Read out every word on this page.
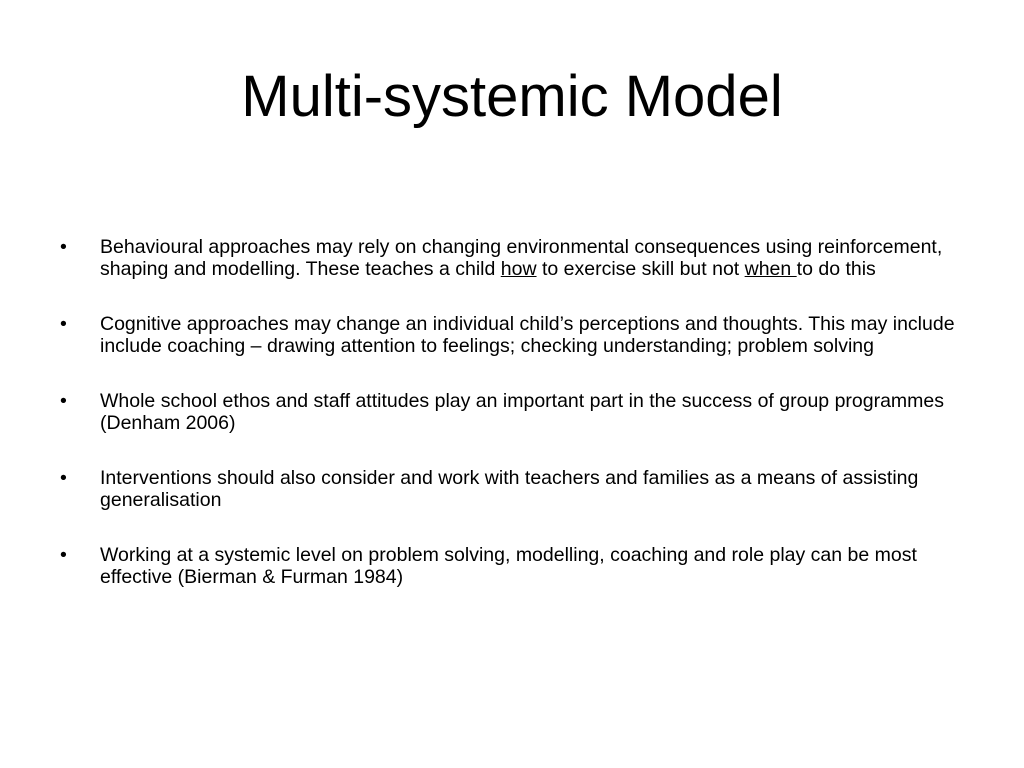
Multi-systemic Model
•	Behavioural approaches may rely on changing environmental consequences using reinforcement, shaping and modelling. These teaches a child how to exercise skill but not when to do this
•	Cognitive approaches may change an individual child’s perceptions and thoughts. This may include include coaching – drawing attention to feelings; checking understanding; problem solving
•	Whole school ethos and staff attitudes play an important part in the success of group programmes (Denham 2006)
•	Interventions should also consider and work with teachers and families as a means of assisting generalisation
•	Working at a systemic level on problem solving, modelling, coaching and role play can be most effective (Bierman & Furman 1984)
